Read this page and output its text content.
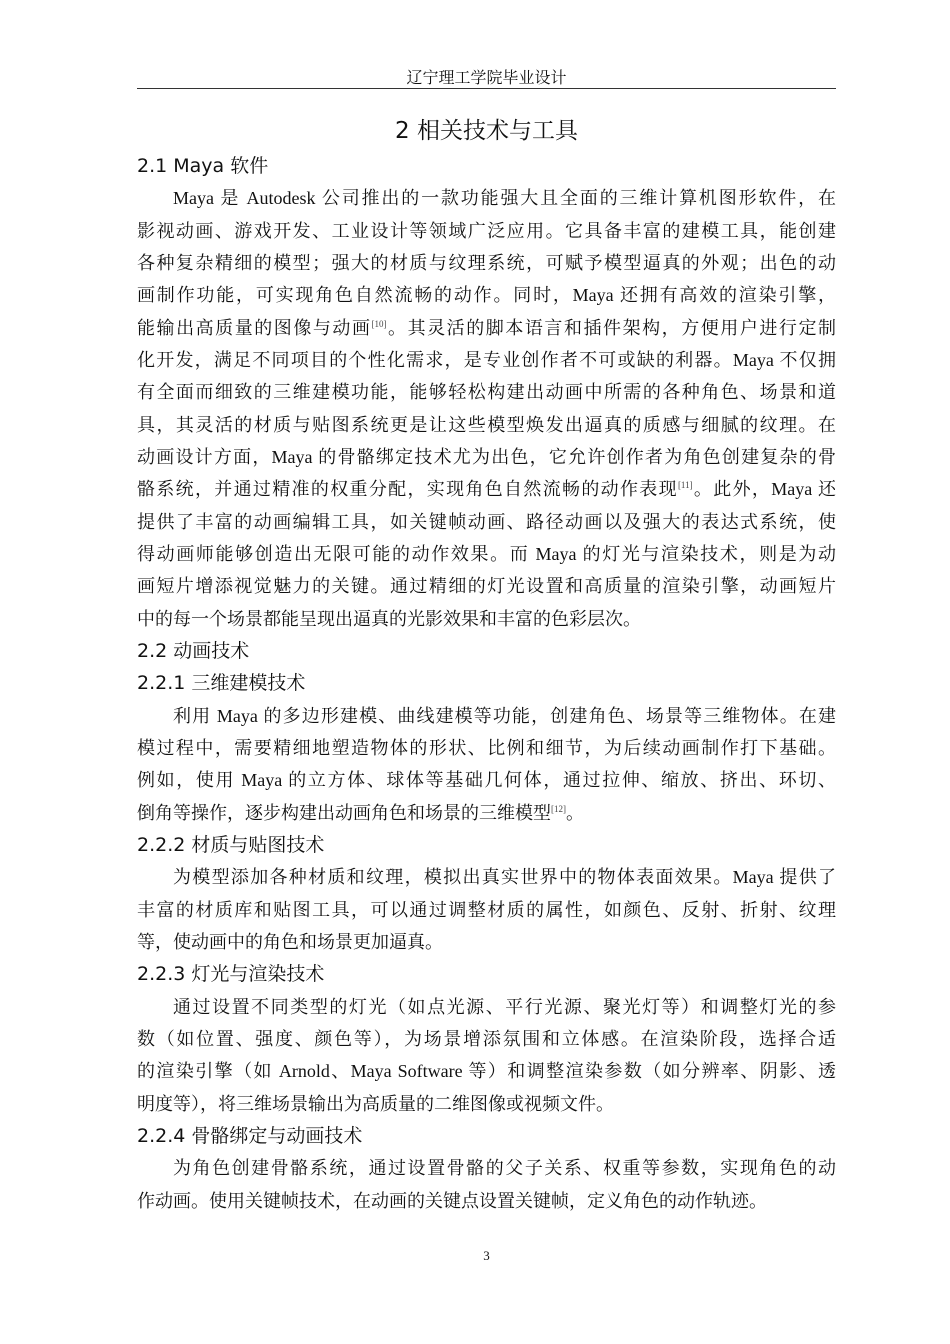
辽宁理工学院毕业设计
2 相关技术与工具
2.1 Maya 软件
Maya 是 Autodesk 公司推出的一款功能强大且全面的三维计算机图形软件，在
影视动画、游戏开发、工业设计等领域广泛应用。它具备丰富的建模工具，能创建
各种复杂精细的模型；强大的材质与纹理系统，可赋予模型逼真的外观；出色的动
画制作功能，可实现角色自然流畅的动作。同时，Maya 还拥有高效的渲染引擎，
能输出高质量的图像与动画[10]。其灵活的脚本语言和插件架构，方便用户进行定制
化开发，满足不同项目的个性化需求，是专业创作者不可或缺的利器。Maya 不仅拥
有全面而细致的三维建模功能，能够轻松构建出动画中所需的各种角色、场景和道
具，其灵活的材质与贴图系统更是让这些模型焕发出逼真的质感与细腻的纹理。在
动画设计方面，Maya 的骨骼绑定技术尤为出色，它允许创作者为角色创建复杂的骨
骼系统，并通过精准的权重分配，实现角色自然流畅的动作表现[11]。此外，Maya 还
提供了丰富的动画编辑工具，如关键帧动画、路径动画以及强大的表达式系统，使
得动画师能够创造出无限可能的动作效果。而 Maya 的灯光与渲染技术，则是为动
画短片增添视觉魅力的关键。通过精细的灯光设置和高质量的渲染引擎，动画短片
中的每一个场景都能呈现出逼真的光影效果和丰富的色彩层次。
2.2 动画技术
2.2.1 三维建模技术
利用 Maya 的多边形建模、曲线建模等功能，创建角色、场景等三维物体。在建
模过程中，需要精细地塑造物体的形状、比例和细节，为后续动画制作打下基础。
例如，使用 Maya 的立方体、球体等基础几何体，通过拉伸、缩放、挤出、环切、
倒角等操作，逐步构建出动画角色和场景的三维模型[12]。
2.2.2 材质与贴图技术
为模型添加各种材质和纹理，模拟出真实世界中的物体表面效果。Maya 提供了
丰富的材质库和贴图工具，可以通过调整材质的属性，如颜色、反射、折射、纹理
等，使动画中的角色和场景更加逼真。
2.2.3 灯光与渲染技术
通过设置不同类型的灯光（如点光源、平行光源、聚光灯等）和调整灯光的参
数（如位置、强度、颜色等），为场景增添氛围和立体感。在渲染阶段，选择合适
的渲染引擎（如 Arnold、Maya Software 等）和调整渲染参数（如分辨率、阴影、透
明度等），将三维场景输出为高质量的二维图像或视频文件。
2.2.4 骨骼绑定与动画技术
为角色创建骨骼系统，通过设置骨骼的父子关系、权重等参数，实现角色的动
作动画。使用关键帧技术，在动画的关键点设置关键帧，定义角色的动作轨迹。
3
